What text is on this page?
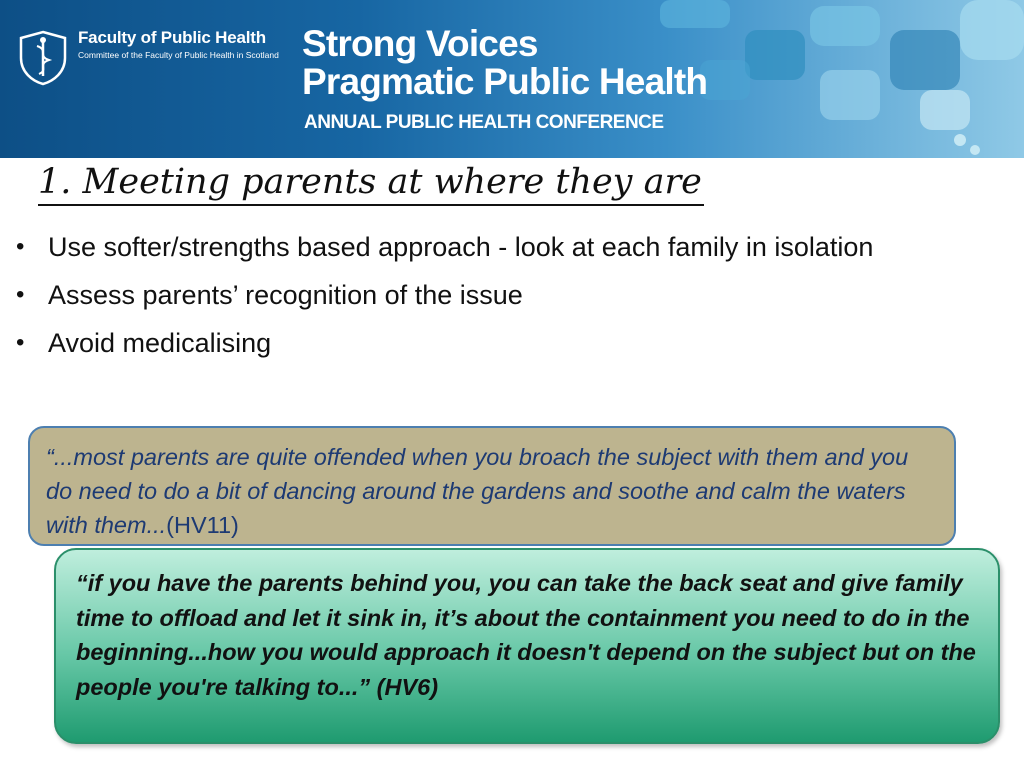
Faculty of Public Health
Committee of the Faculty of Public Health in Scotland Strong Voices
Pragmatic Public Health
ANNUAL PUBLIC HEALTH CONFERENCE
1. Meeting parents at where they are
• Use softer/strengths based approach - look at each family in isolation
• Assess parents’ recognition of the issue
• Avoid medicalising

“...most parents are quite offended when you broach the subject with them and you do need to do a bit of dancing around the gardens and soothe and calm the waters with them...(HV11)

“if you have the parents behind you, you can take the back seat and give family time to offload and let it sink in, it’s about the containment you need to do in the beginning...how you would approach it doesn't depend on the subject but on the people you're talking to...” (HV6)
